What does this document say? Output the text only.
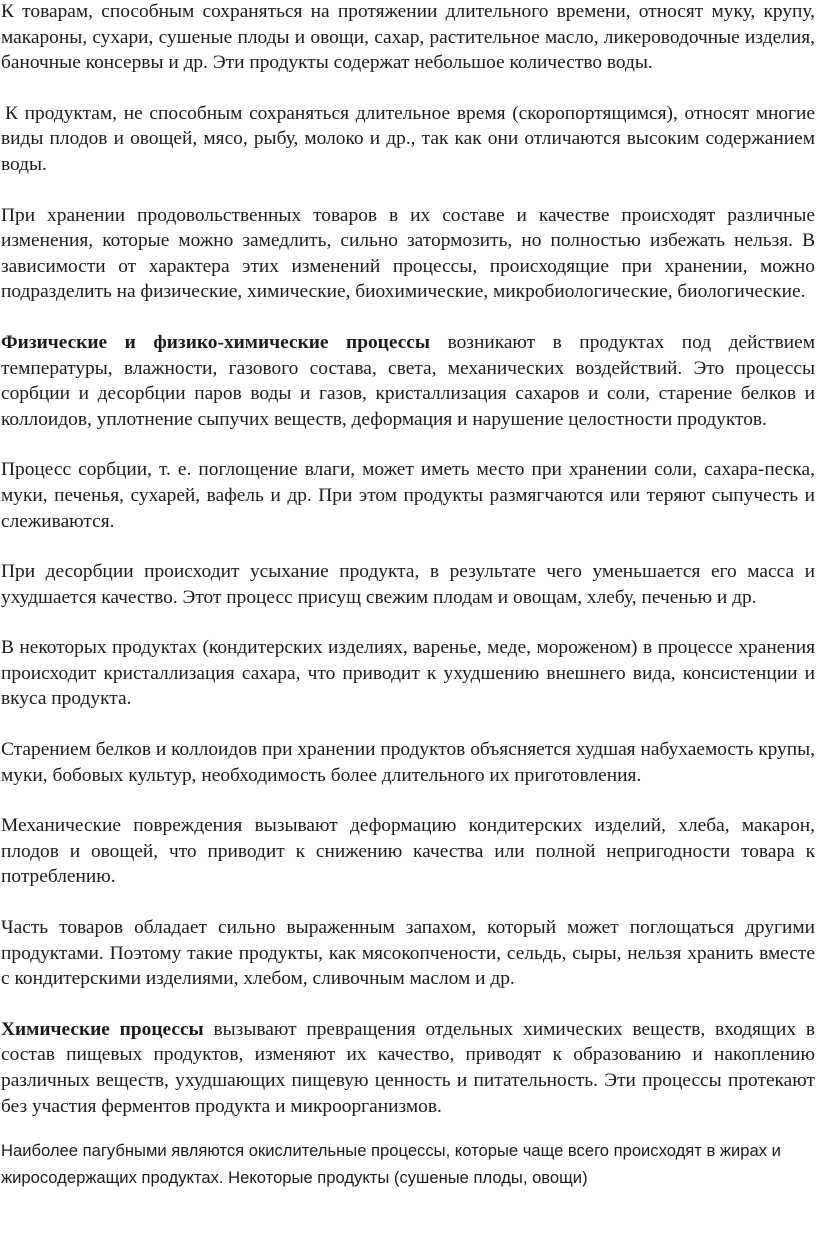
К товарам, способным сохраняться на протяжении длительного времени, относят муку, крупу, макароны, сухари, сушеные плоды и овощи, сахар, растительное масло, ликероводочные изделия, баночные консервы и др. Эти продукты содержат небольшое количество воды.

К продуктам, не способным сохраняться длительное время (скоропортящимся), относят многие виды плодов и овощей, мясо, рыбу, молоко и др., так как они отличаются высоким содержанием воды.

При хранении продовольственных товаров в их составе и качестве происходят различные изменения, которые можно замедлить, сильно затормозить, но полностью избежать нельзя. В зависимости от характера этих изменений процессы, происходящие при хранении, можно подразделить на физические, химические, биохимические, микробиологические, биологические.

Физические и физико-химические процессы возникают в продуктах под действием температуры, влажности, газового состава, света, механических воздействий. Это процессы сорбции и десорбции паров воды и газов, кристаллизация сахаров и соли, старение белков и коллоидов, уплотнение сыпучих веществ, деформация и нарушение целостности продуктов.

Процесс сорбции, т. е. поглощение влаги, может иметь место при хранении соли, сахара-песка, муки, печенья, сухарей, вафель и др. При этом продукты размягчаются или теряют сыпучесть и слеживаются.

При десорбции происходит усыхание продукта, в результате чего уменьшается его масса и ухудшается качество. Этот процесс присущ свежим плодам и овощам, хлебу, печенью и др.

В некоторых продуктах (кондитерских изделиях, варенье, меде, мороженом) в процессе хранения происходит кристаллизация сахара, что приводит к ухудшению внешнего вида, консистенции и вкуса продукта.

Старением белков и коллоидов при хранении продуктов объясняется худшая набухаемость крупы, муки, бобовых культур, необходимость более длительного их приготовления.

Механические повреждения вызывают деформацию кондитерских изделий, хлеба, макарон, плодов и овощей, что приводит к снижению качества или полной непригодности товара к потреблению.

Часть товаров обладает сильно выраженным запахом, который может поглощаться другими продуктами. Поэтому такие продукты, как мясокопчености, сельдь, сыры, нельзя хранить вместе с кондитерскими изделиями, хлебом, сливочным маслом и др.

Химические процессы вызывают превращения отдельных химических веществ, входящих в состав пищевых продуктов, изменяют их качество, приводят к образованию и накоплению различных веществ, ухудшающих пищевую ценность и питательность. Эти процессы протекают без участия ферментов продукта и микроорганизмов.

Наиболее пагубными являются окислительные процессы, которые чаще всего происходят в жирах и жиросодержащих продуктах. Некоторые продукты (сушеные плоды, овощи)
